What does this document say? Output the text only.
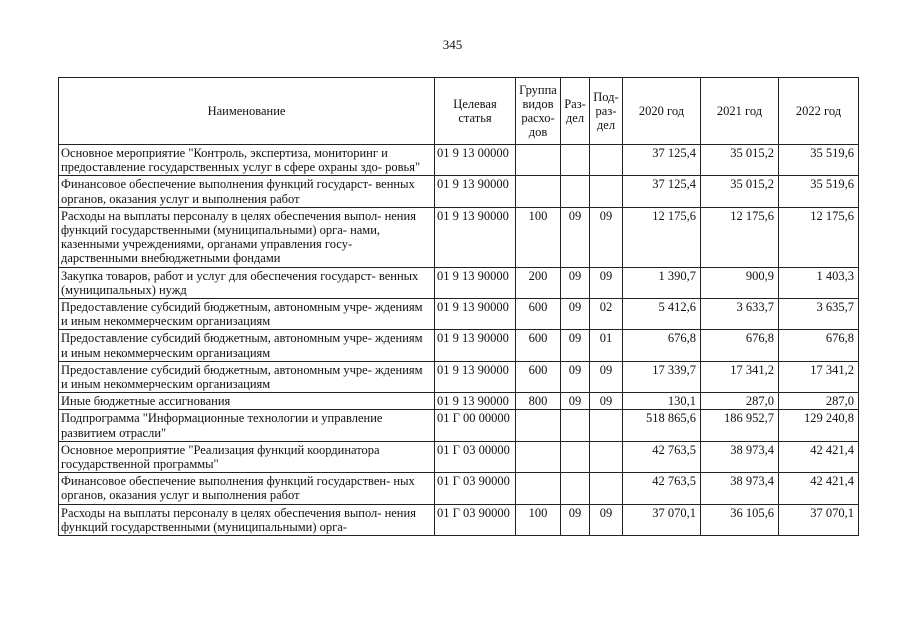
345
Наименование	Целевая статья	Группа видов расхо- дов	Раз- дел	Под- раз- дел	2020 год	2021 год	2022 год
Основное мероприятие "Контроль, экспертиза, мониторинг и предоставление государственных услуг в сфере охраны здо- ровья"	01 9 13 00000				37 125,4	35 015,2	35 519,6
Финансовое обеспечение выполнения функций государст- венных органов, оказания услуг и выполнения работ	01 9 13 90000				37 125,4	35 015,2	35 519,6
Расходы на выплаты персоналу в целях обеспечения выпол- нения функций государственными (муниципальными) орга- нами, казенными учреждениями, органами управления госу- дарственными внебюджетными фондами	01 9 13 90000	100	09	09	12 175,6	12 175,6	12 175,6
Закупка товаров, работ и услуг для обеспечения государст- венных (муниципальных) нужд	01 9 13 90000	200	09	09	1 390,7	900,9	1 403,3
Предоставление субсидий бюджетным, автономным учре- ждениям и иным некоммерческим организациям	01 9 13 90000	600	09	02	5 412,6	3 633,7	3 635,7
Предоставление субсидий бюджетным, автономным учре- ждениям и иным некоммерческим организациям	01 9 13 90000	600	09	01	676,8	676,8	676,8
Предоставление субсидий бюджетным, автономным учре- ждениям и иным некоммерческим организациям	01 9 13 90000	600	09	09	17 339,7	17 341,2	17 341,2
Иные бюджетные ассигнования	01 9 13 90000	800	09	09	130,1	287,0	287,0
Подпрограмма "Информационные технологии и управление развитием отрасли"	01 Г 00 00000				518 865,6	186 952,7	129 240,8
Основное мероприятие "Реализация функций координатора государственной программы"	01 Г 03 00000				42 763,5	38 973,4	42 421,4
Финансовое обеспечение выполнения функций государствен- ных органов, оказания услуг и выполнения работ	01 Г 03 90000				42 763,5	38 973,4	42 421,4
Расходы на выплаты персоналу в целях обеспечения выпол- нения функций государственными (муниципальными) орга-	01 Г 03 90000	100	09	09	37 070,1	36 105,6	37 070,1
